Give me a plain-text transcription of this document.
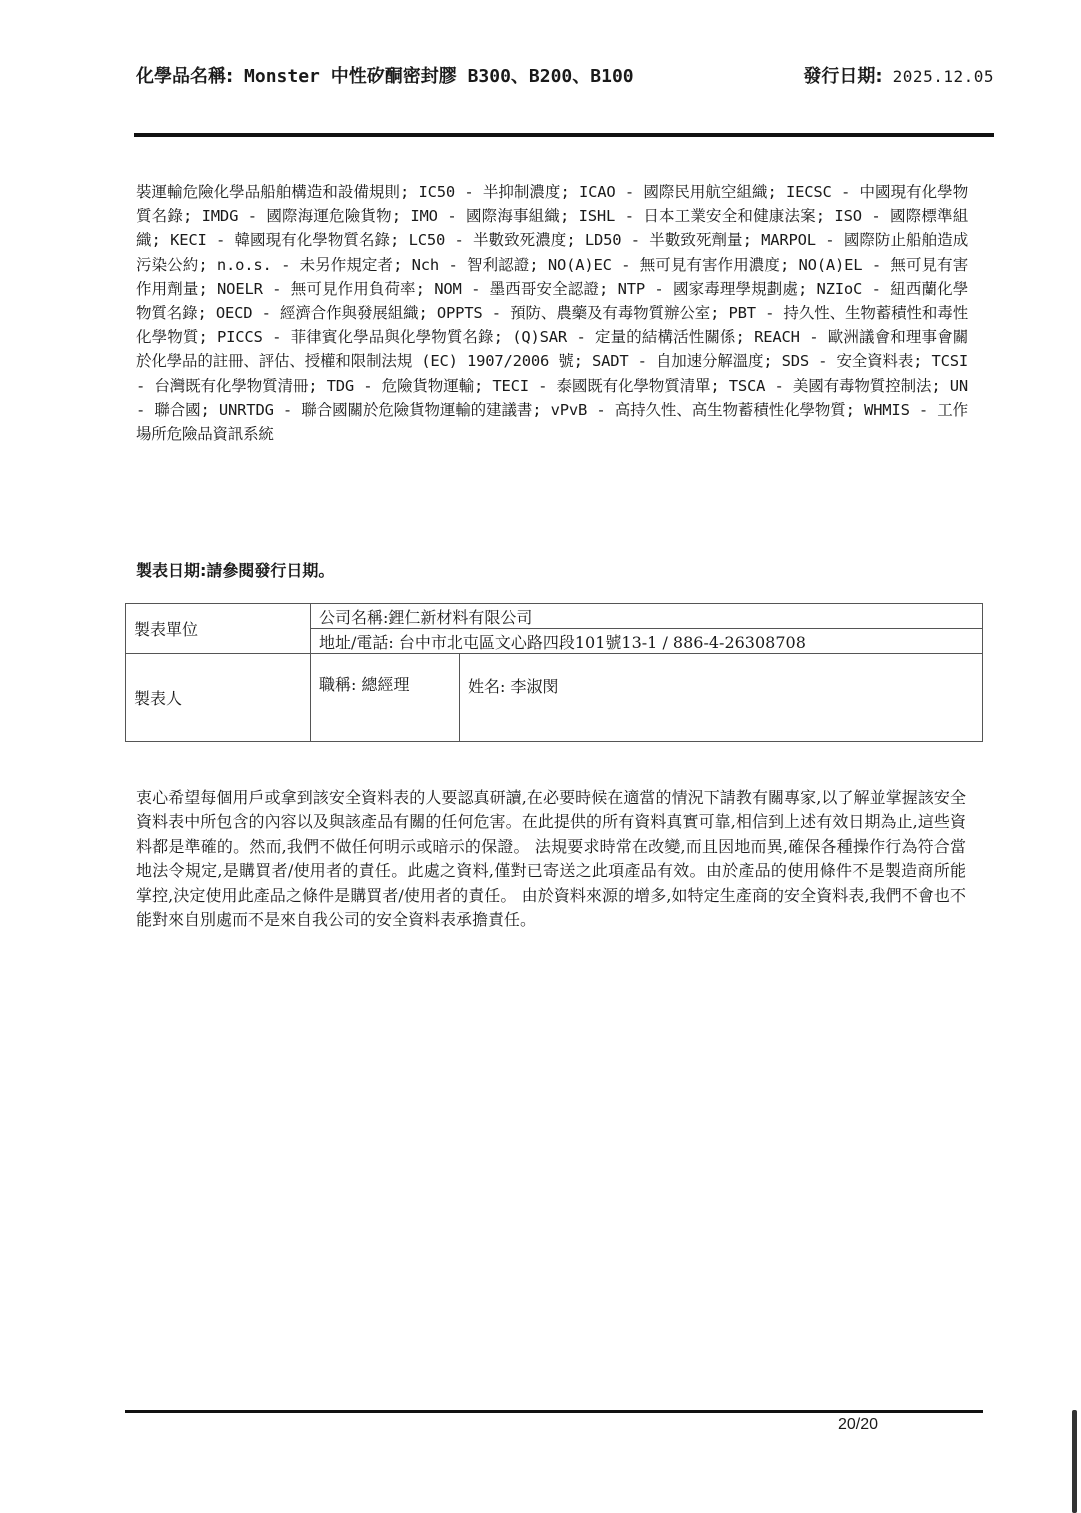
化學品名稱: Monster 中性矽酮密封膠 B300、B200、B100	發行日期: 2025.12.05
裝運輸危險化學品船舶構造和設備規則; IC50 - 半抑制濃度; ICAO - 國際民用航空組織; IECSC - 中國現有化學物質名錄; IMDG - 國際海運危險貨物; IMO - 國際海事組織; ISHL - 日本工業安全和健康法案; ISO - 國際標準組織; KECI - 韓國現有化學物質名錄; LC50 - 半數致死濃度; LD50 - 半數致死劑量; MARPOL - 國際防止船舶造成污染公約; n.o.s. - 未另作規定者; Nch - 智利認證; NO(A)EC - 無可見有害作用濃度; NO(A)EL - 無可見有害作用劑量; NOELR - 無可見作用負荷率; NOM - 墨西哥安全認證; NTP - 國家毒理學規劃處; NZIoC - 紐西蘭化學物質名錄; OECD - 經濟合作與發展組織; OPPTS - 預防、農藥及有毒物質辦公室; PBT - 持久性、生物蓄積性和毒性化學物質; PICCS - 菲律賓化學品與化學物質名錄; (Q)SAR - 定量的結構活性關係; REACH - 歐洲議會和理事會關於化學品的註冊、評估、授權和限制法規 (EC) 1907/2006 號; SADT - 自加速分解溫度; SDS - 安全資料表; TCSI - 台灣既有化學物質清冊; TDG - 危險貨物運輸; TECI - 泰國既有化學物質清單; TSCA - 美國有毒物質控制法; UN - 聯合國; UNRTDG - 聯合國關於危險貨物運輸的建議書; vPvB - 高持久性、高生物蓄積性化學物質; WHMIS - 工作場所危險品資訊系統
製表日期:請參閱發行日期。
製表單位	公司名稱:鋰仁新材料有限公司	
	地址/電話: 台中市北屯區文心路四段101號13-1 / 886-4-26308708	
製表人	職稱: 總經理	姓名: 李淑閔
衷心希望每個用戶或拿到該安全資料表的人要認真研讀,在必要時候在適當的情況下請教有關專家,以了解並掌握該安全資料表中所包含的內容以及與該產品有關的任何危害。在此提供的所有資料真實可靠,相信到上述有效日期為止,這些資料都是準確的。然而,我們不做任何明示或暗示的保證。 法規要求時常在改變,而且因地而異,確保各種操作行為符合當地法令規定,是購買者/使用者的責任。此處之資料,僅對已寄送之此項產品有效。由於產品的使用條件不是製造商所能掌控,決定使用此產品之條件是購買者/使用者的責任。 由於資料來源的增多,如特定生產商的安全資料表,我們不會也不能對來自別處而不是來自我公司的安全資料表承擔責任。
20/20
